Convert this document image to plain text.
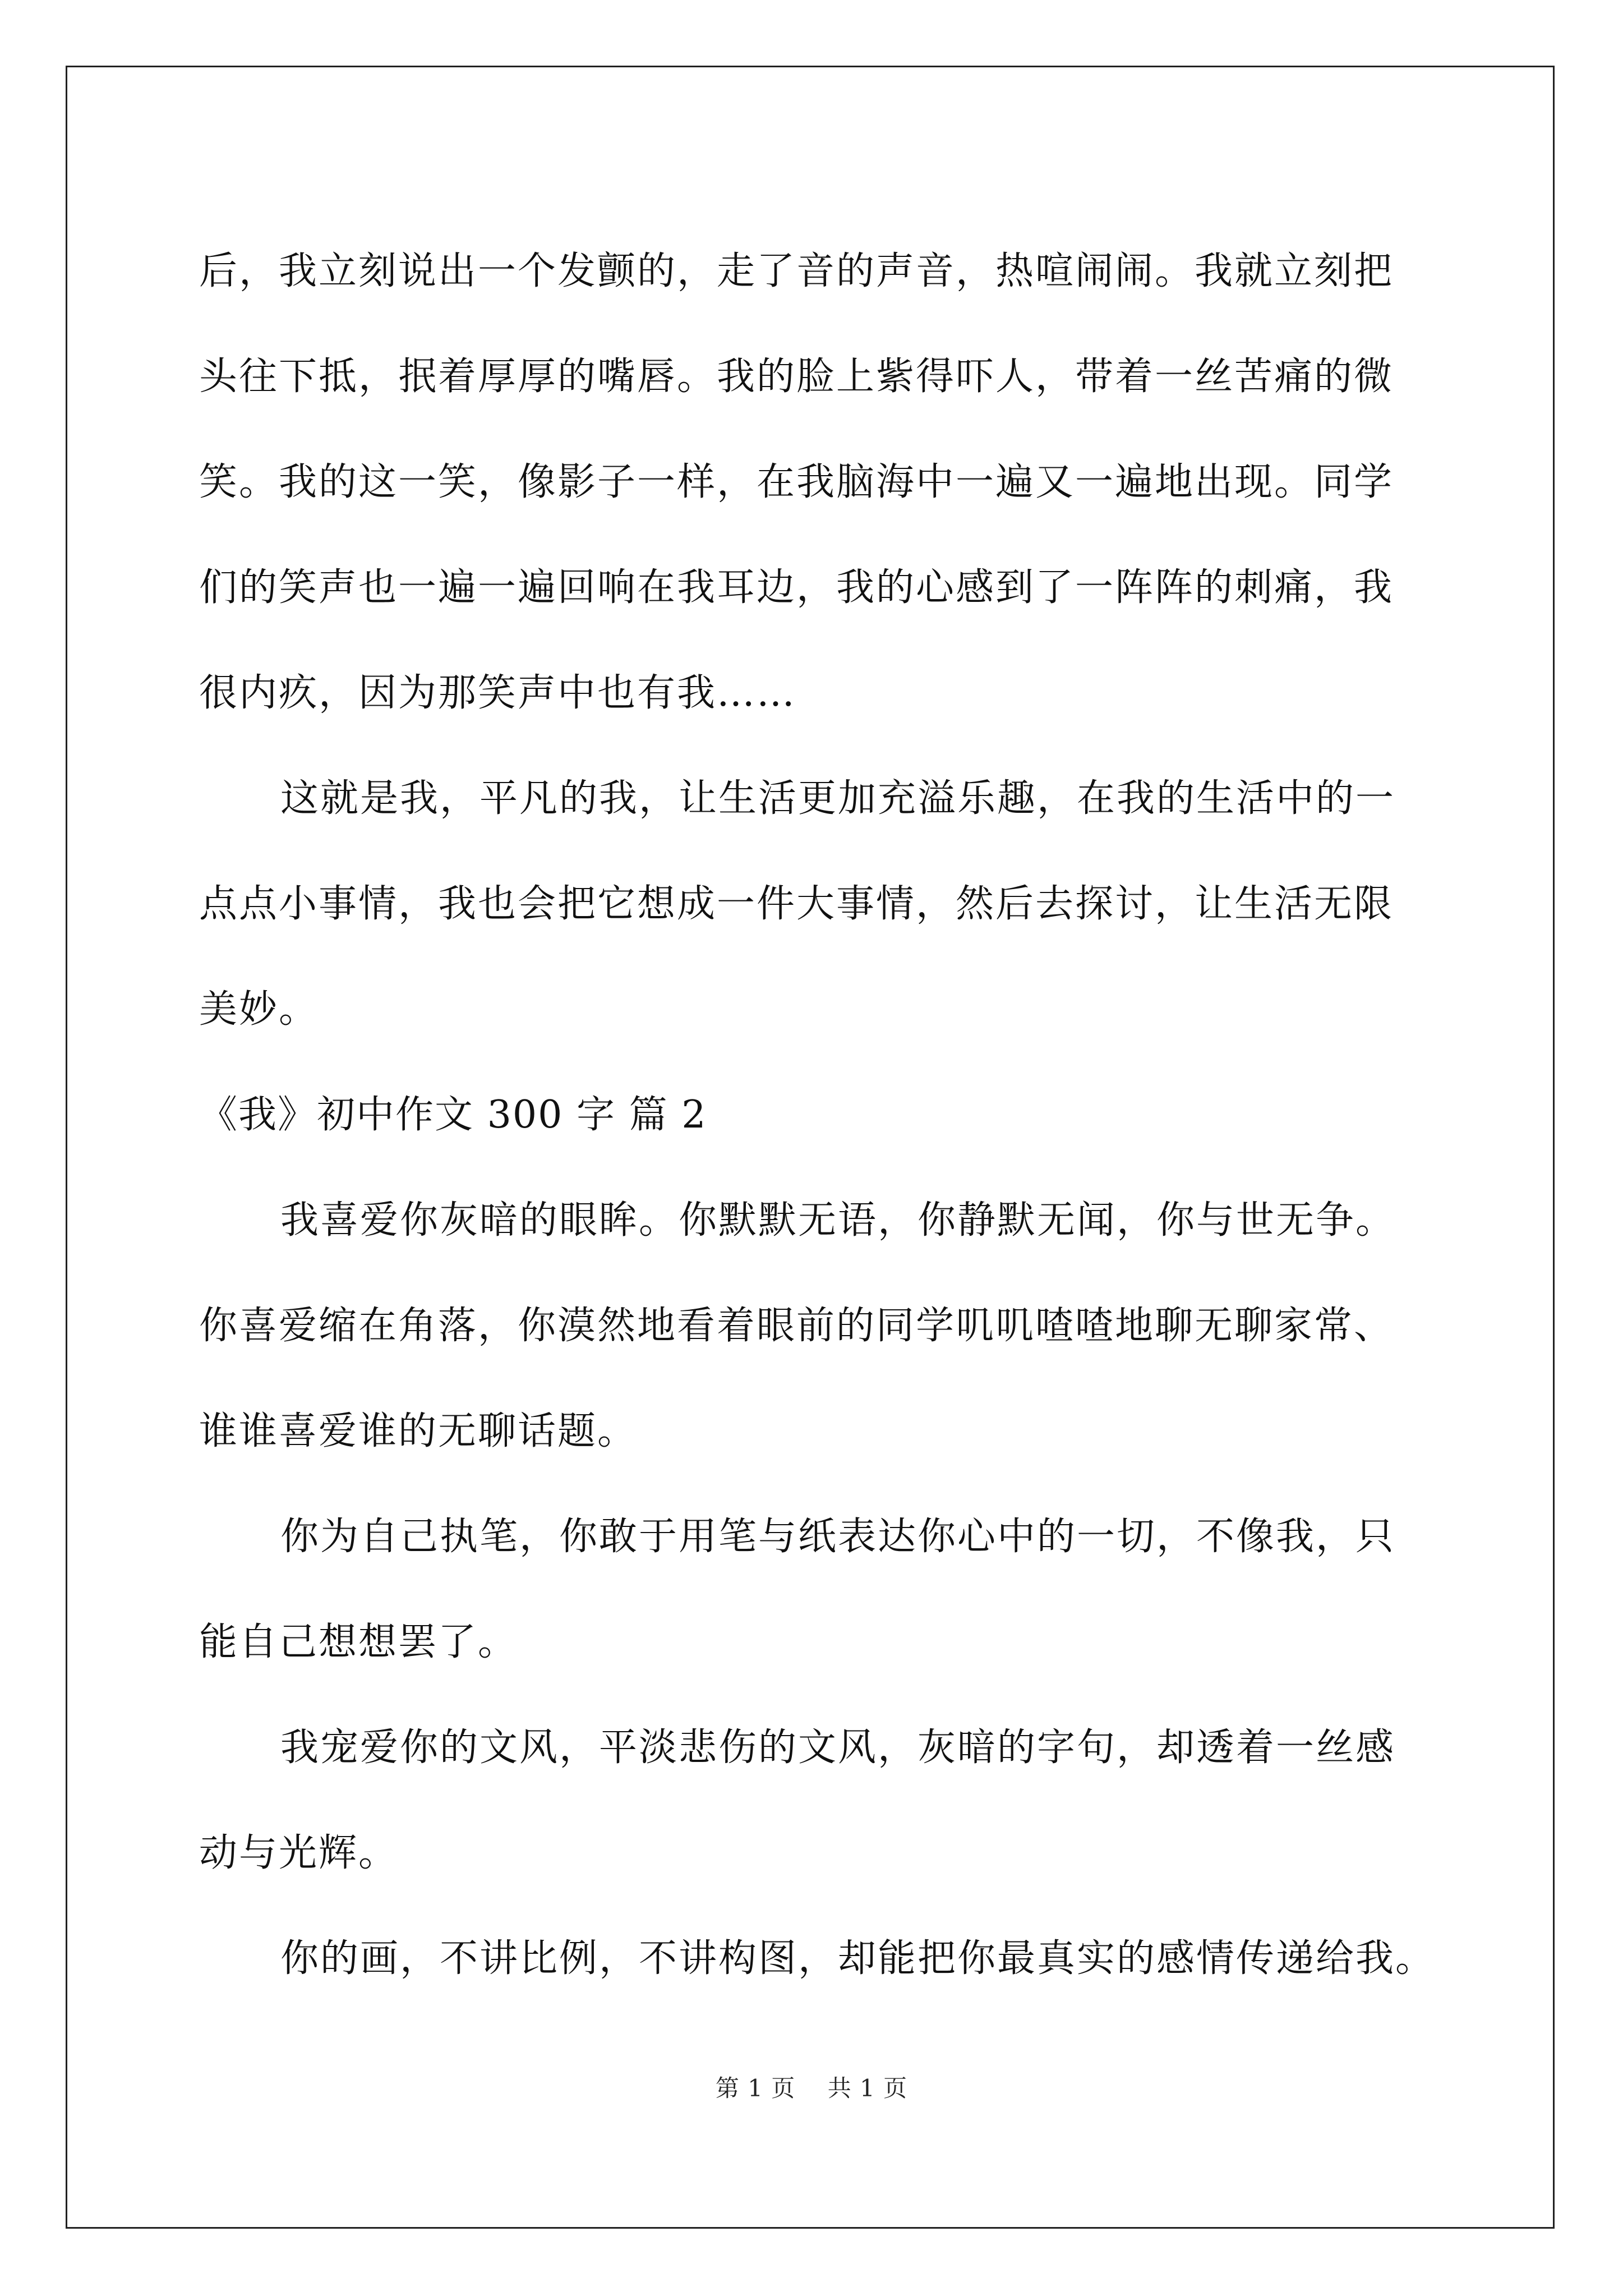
后，我立刻说出一个发颤的，走了音的声音，热喧闹闹。我就立刻把
头往下抵，抿着厚厚的嘴唇。我的脸上紫得吓人，带着一丝苦痛的微
笑。我的这一笑，像影子一样，在我脑海中一遍又一遍地出现。同学
们的笑声也一遍一遍回响在我耳边，我的心感到了一阵阵的刺痛，我
很内疚，因为那笑声中也有我……
这就是我，平凡的我，让生活更加充溢乐趣，在我的生活中的一
点点小事情，我也会把它想成一件大事情，然后去探讨，让生活无限
美妙。
《我》初中作文 300 字 篇 2
我喜爱你灰暗的眼眸。你默默无语，你静默无闻，你与世无争。
你喜爱缩在角落，你漠然地看着眼前的同学叽叽喳喳地聊无聊家常、
谁谁喜爱谁的无聊话题。
你为自己执笔，你敢于用笔与纸表达你心中的一切，不像我，只
能自己想想罢了。
我宠爱你的文风，平淡悲伤的文风，灰暗的字句，却透着一丝感
动与光辉。
你的画，不讲比例，不讲构图，却能把你最真实的感情传递给我。
第 1 页    共 1 页
